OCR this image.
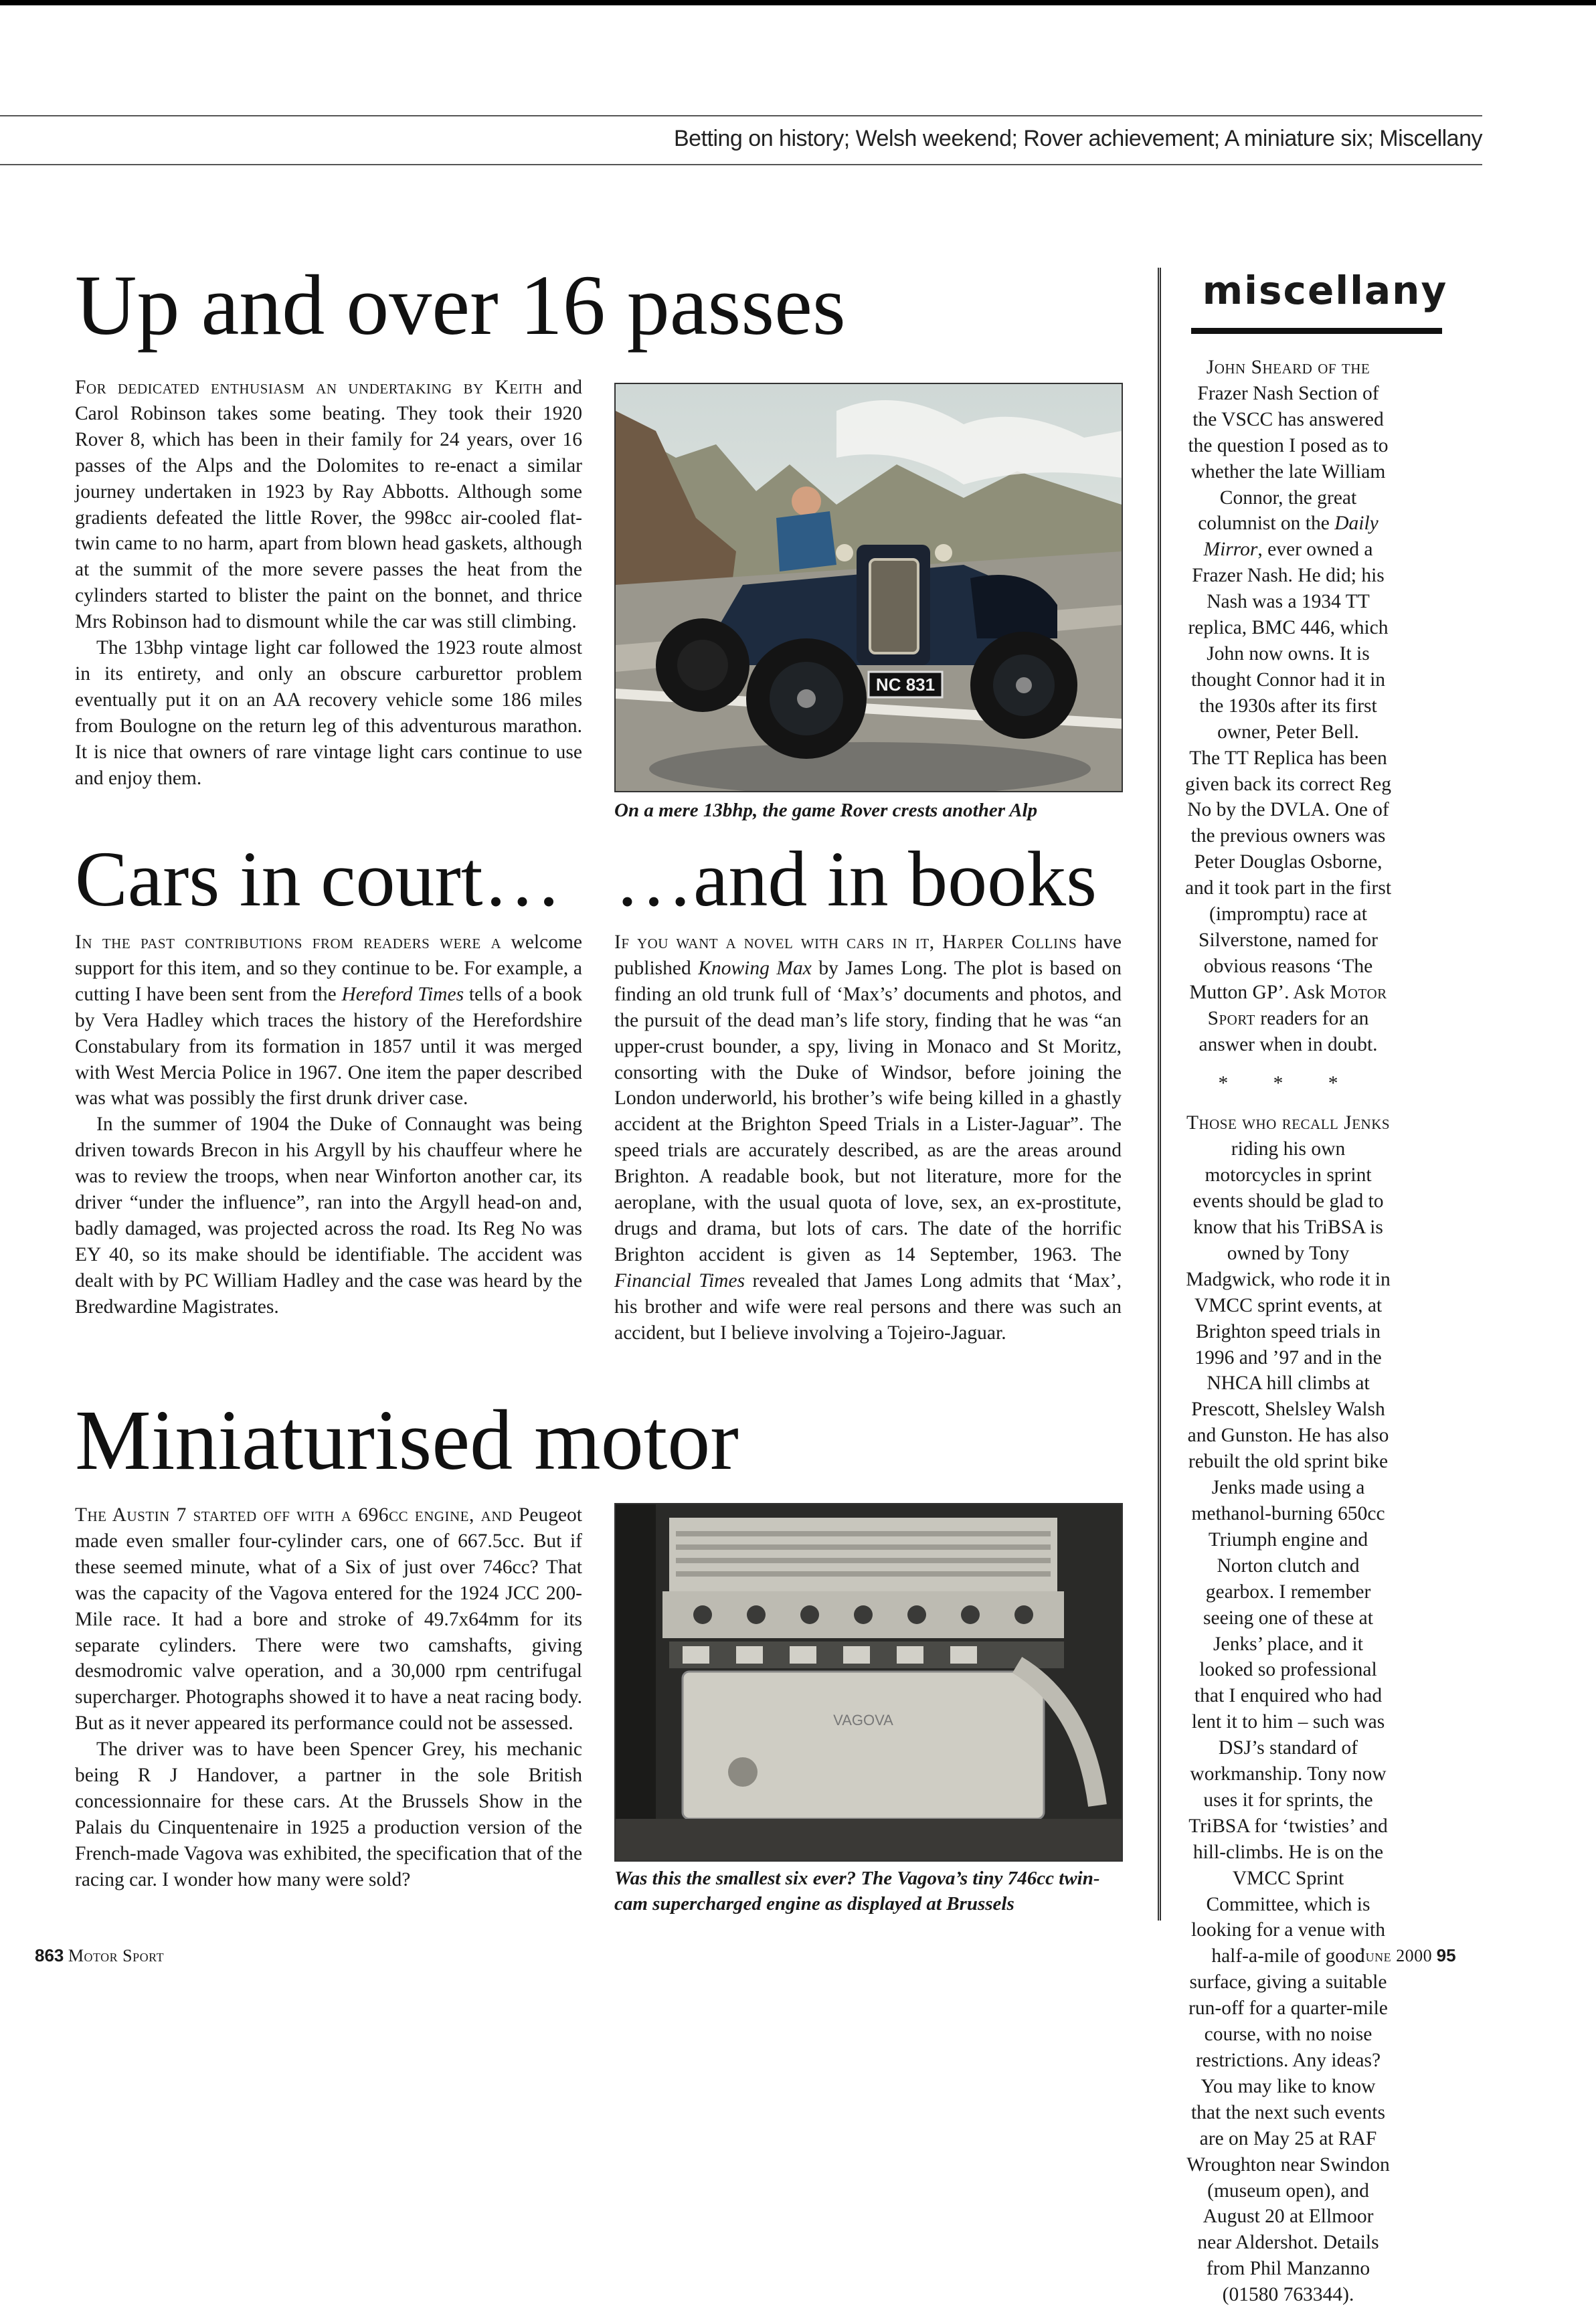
Betting on history; Welsh weekend; Rover achievement; A miniature six; Miscellany
Up and over 16 passes

For dedicated enthusiasm an undertaking by Keith and Carol Robinson takes some beating. They took their 1920 Rover 8, which has been in their family for 24 years, over 16 passes of the Alps and the Dolomites to re-enact a similar journey undertaken in 1923 by Ray Abbotts. Although some gradients defeated the little Rover, the 998cc air-cooled flat-twin came to no harm, apart from blown head gaskets, although at the summit of the more severe passes the heat from the cylinders started to blister the paint on the bonnet, and thrice Mrs Robinson had to dismount while the car was still climbing.

The 13bhp vintage light car followed the 1923 route almost in its entirety, and only an obscure carburettor problem eventually put it on an AA recovery vehicle some 186 miles from Boulogne on the return leg of this adventurous marathon. It is nice that owners of rare vintage light cars continue to use and enjoy them.

NC 831
On a mere 13bhp, the game Rover crests another Alp
Cars in court…

In the past contributions from readers were a welcome support for this item, and so they continue to be. For example, a cutting I have been sent from the Hereford Times tells of a book by Vera Hadley which traces the history of the Herefordshire Constabulary from its formation in 1857 until it was merged with West Mercia Police in 1967. One item the paper described was what was possibly the first drunk driver case.

In the summer of 1904 the Duke of Connaught was being driven towards Brecon in his Argyll by his chauffeur where he was to review the troops, when near Winforton another car, its driver “under the influence”, ran into the Argyll head-on and, badly damaged, was projected across the road. Its Reg No was EY 40, so its make should be identifiable. The accident was dealt with by PC William Hadley and the case was heard by the Bredwardine Magistrates.

…and in books

If you want a novel with cars in it, Harper Collins have published Knowing Max by James Long. The plot is based on finding an old trunk full of ‘Max’s’ documents and photos, and the pursuit of the dead man’s life story, finding that he was “an upper-crust bounder, a spy, living in Monaco and St Moritz, consorting with the Duke of Windsor, before joining the London underworld, his brother’s wife being killed in a ghastly accident at the Brighton Speed Trials in a Lister-Jaguar”. The speed trials are accurately described, as are the areas around Brighton. A readable book, but not literature, more for the aeroplane, with the usual quota of love, sex, an ex-prostitute, drugs and drama, but lots of cars. The date of the horrific Brighton accident is given as 14 September, 1963. The Financial Times revealed that James Long admits that ‘Max’, his brother and wife were real persons and there was such an accident, but I believe involving a Tojeiro-Jaguar.

Miniaturised motor

The Austin 7 started off with a 696cc engine, and Peugeot made even smaller four-cylinder cars, one of 667.5cc. But if these seemed minute, what of a Six of just over 746cc? That was the capacity of the Vagova entered for the 1924 JCC 200-Mile race. It had a bore and stroke of 49.7x64mm for its separate cylinders. There were two camshafts, giving desmodromic valve operation, and a 30,000 rpm centrifugal supercharger. Photographs showed it to have a neat racing body. But as it never appeared its performance could not be assessed.

The driver was to have been Spencer Grey, his mechanic being R J Handover, a partner in the sole British concessionnaire for these cars. At the Brussels Show in the Palais du Cinquentenaire in 1925 a production version of the French-made Vagova was exhibited, the specification that of the racing car. I wonder how many were sold?

VAGOVA
Was this the smallest six ever? The Vagova’s tiny 746cc twin-cam supercharged engine as displayed at Brussels
miscellany

John Sheard of the Frazer Nash Section of the VSCC has answered the question I posed as to whether the late William Connor, the great columnist on the Daily Mirror, ever owned a Frazer Nash. He did; his Nash was a 1934 TT replica, BMC 446, which John now owns. It is thought Connor had it in the 1930s after its first owner, Peter Bell.

The TT Replica has been given back its correct Reg No by the DVLA. One of the previous owners was Peter Douglas Osborne, and it took part in the first (impromptu) race at Silverstone, named for obvious reasons ‘The Mutton GP’. Ask Motor Sport readers for an answer when in doubt.

* * *

Those who recall Jenks riding his own motorcycles in sprint events should be glad to know that his TriBSA is owned by Tony Madgwick, who rode it in VMCC sprint events, at Brighton speed trials in 1996 and ’97 and in the NHCA hill climbs at Prescott, Shelsley Walsh and Gunston. He has also rebuilt the old sprint bike Jenks made using a methanol-burning 650cc Triumph engine and Norton clutch and gearbox. I remember seeing one of these at Jenks’ place, and it looked so professional that I enquired who had lent it to him – such was DSJ’s standard of workmanship. Tony now uses it for sprints, the TriBSA for ‘twisties’ and hill-climbs. He is on the VMCC Sprint Committee, which is looking for a venue with half-a-mile of good surface, giving a suitable run-off for a quarter-mile course, with no noise restrictions. Any ideas?

You may like to know that the next such events are on May 25 at RAF Wroughton near Swindon (museum open), and August 20 at Ellmoor near Aldershot. Details from Phil Manzanno (01580 763344).

863 Motor Sport	June 2000 95
